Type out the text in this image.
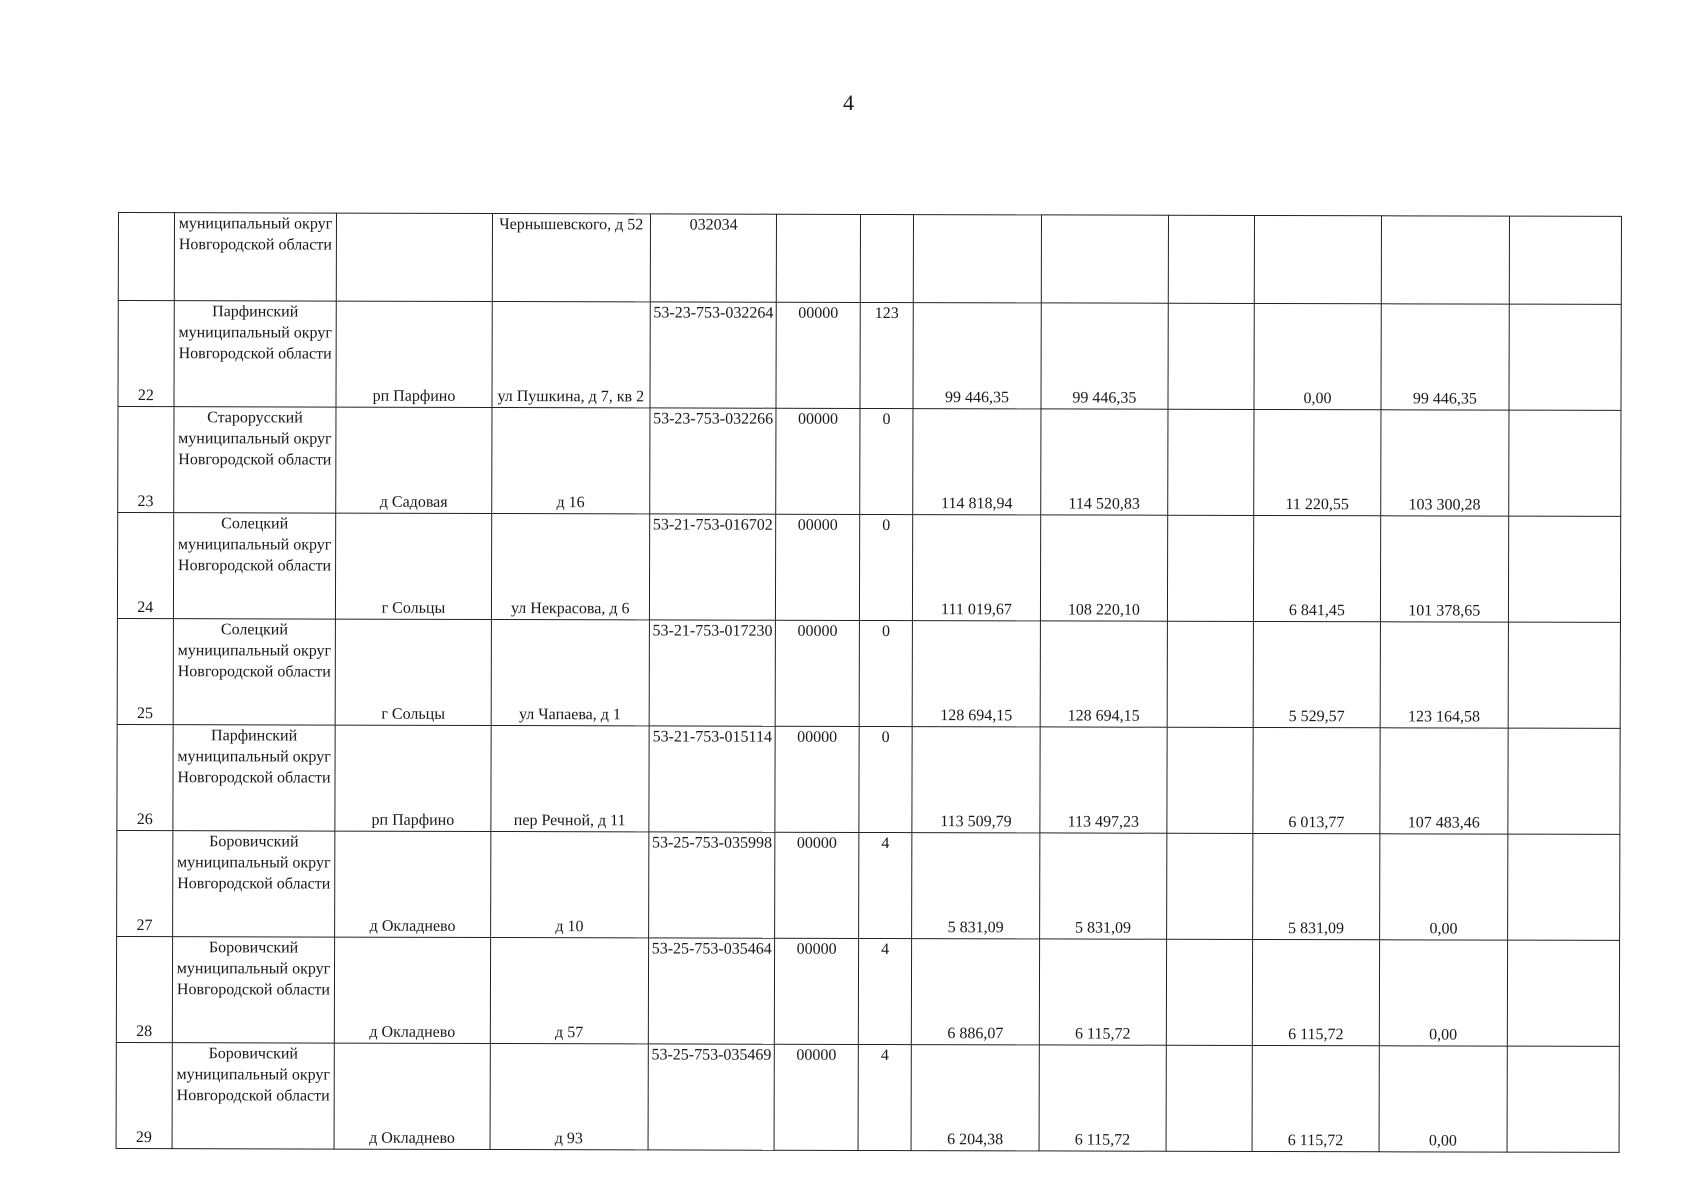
4
	муниципальный округ Новгородской области		Чернышевского, д 52	032034								
22	Парфинский муниципальный округ Новгородской области	рп Парфино	ул Пушкина, д 7, кв 2	53-23-753-032264	00000	123	99 446,35	99 446,35		0,00	99 446,35	
23	Старорусский муниципальный округ Новгородской области	д Садовая	д 16	53-23-753-032266	00000	0	114 818,94	114 520,83		11 220,55	103 300,28	
24	Солецкий муниципальный округ Новгородской области	г Сольцы	ул Некрасова, д 6	53-21-753-016702	00000	0	111 019,67	108 220,10		6 841,45	101 378,65	
25	Солецкий муниципальный округ Новгородской области	г Сольцы	ул Чапаева, д 1	53-21-753-017230	00000	0	128 694,15	128 694,15		5 529,57	123 164,58	
26	Парфинский муниципальный округ Новгородской области	рп Парфино	пер Речной, д 11	53-21-753-015114	00000	0	113 509,79	113 497,23		6 013,77	107 483,46	
27	Боровичский муниципальный округ Новгородской области	д Окладнево	д 10	53-25-753-035998	00000	4	5 831,09	5 831,09		5 831,09	0,00	
28	Боровичский муниципальный округ Новгородской области	д Окладнево	д 57	53-25-753-035464	00000	4	6 886,07	6 115,72		6 115,72	0,00	
29	Боровичский муниципальный округ Новгородской области	д Окладнево	д 93	53-25-753-035469	00000	4	6 204,38	6 115,72		6 115,72	0,00	
